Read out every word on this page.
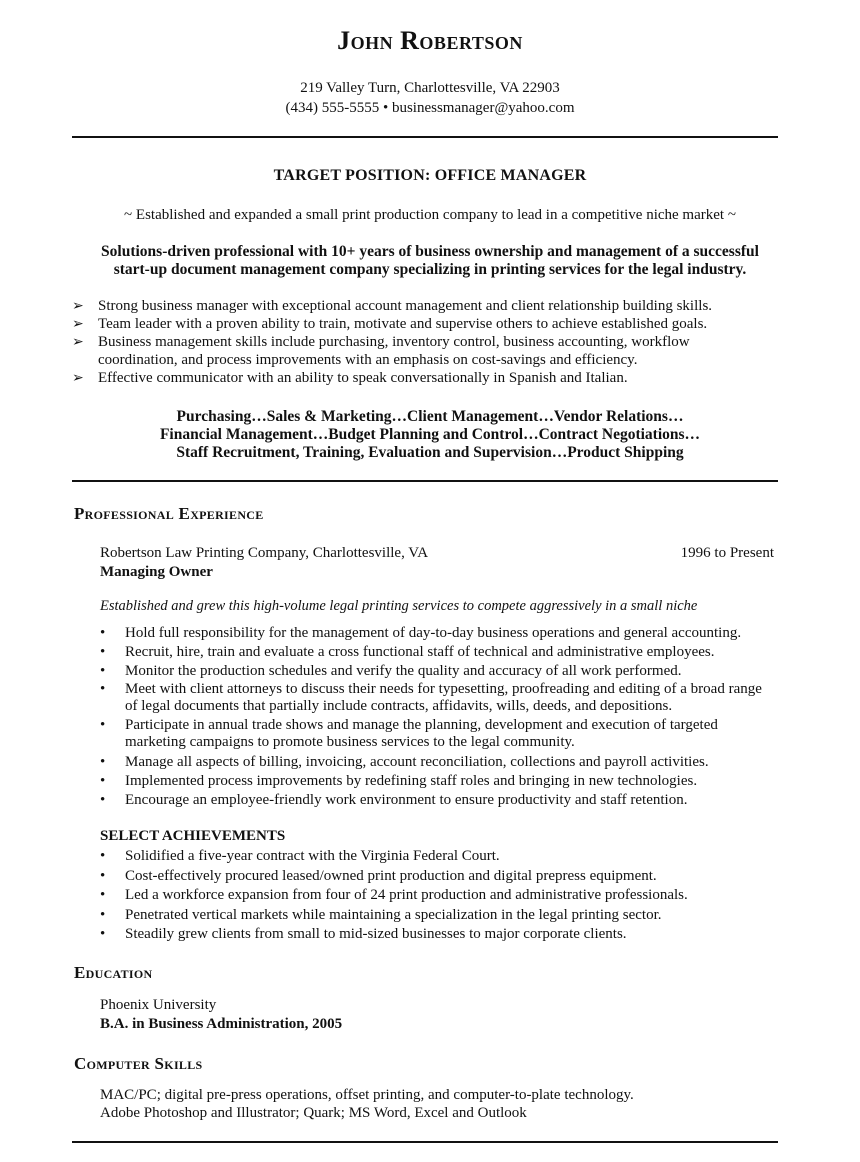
John Robertson
219 Valley Turn, Charlottesville, VA 22903
(434) 555-5555 • businessmanager@yahoo.com
TARGET POSITION: OFFICE MANAGER
~ Established and expanded a small print production company to lead in a competitive niche market ~
Solutions-driven professional with 10+ years of business ownership and management of a successful
start-up document management company specializing in printing services for the legal industry.
➢ Strong business manager with exceptional account management and client relationship building skills.
➢ Team leader with a proven ability to train, motivate and supervise others to achieve established goals.
➢ Business management skills include purchasing, inventory control, business accounting, workflow
coordination, and process improvements with an emphasis on cost-savings and efficiency.
➢ Effective communicator with an ability to speak conversationally in Spanish and Italian.
Purchasing…Sales & Marketing…Client Management…Vendor Relations…
Financial Management…Budget Planning and Control…Contract Negotiations…
Staff Recruitment, Training, Evaluation and Supervision…Product Shipping
Professional Experience
Robertson Law Printing Company, Charlottesville, VA	1996 to Present
Managing Owner
Established and grew this high-volume legal printing services to compete aggressively in a small niche
• Hold full responsibility for the management of day-to-day business operations and general accounting.
• Recruit, hire, train and evaluate a cross functional staff of technical and administrative employees.
• Monitor the production schedules and verify the quality and accuracy of all work performed.
• Meet with client attorneys to discuss their needs for typesetting, proofreading and editing of a broad range
of legal documents that partially include contracts, affidavits, wills, deeds, and depositions.
• Participate in annual trade shows and manage the planning, development and execution of targeted
marketing campaigns to promote business services to the legal community.
• Manage all aspects of billing, invoicing, account reconciliation, collections and payroll activities.
• Implemented process improvements by redefining staff roles and bringing in new technologies.
• Encourage an employee-friendly work environment to ensure productivity and staff retention.
SELECT ACHIEVEMENTS
• Solidified a five-year contract with the Virginia Federal Court.
• Cost-effectively procured leased/owned print production and digital prepress equipment.
• Led a workforce expansion from four of 24 print production and administrative professionals.
• Penetrated vertical markets while maintaining a specialization in the legal printing sector.
• Steadily grew clients from small to mid-sized businesses to major corporate clients.
Education
Phoenix University
B.A. in Business Administration, 2005
Computer Skills
MAC/PC; digital pre-press operations, offset printing, and computer-to-plate technology.
Adobe Photoshop and Illustrator; Quark; MS Word, Excel and Outlook
